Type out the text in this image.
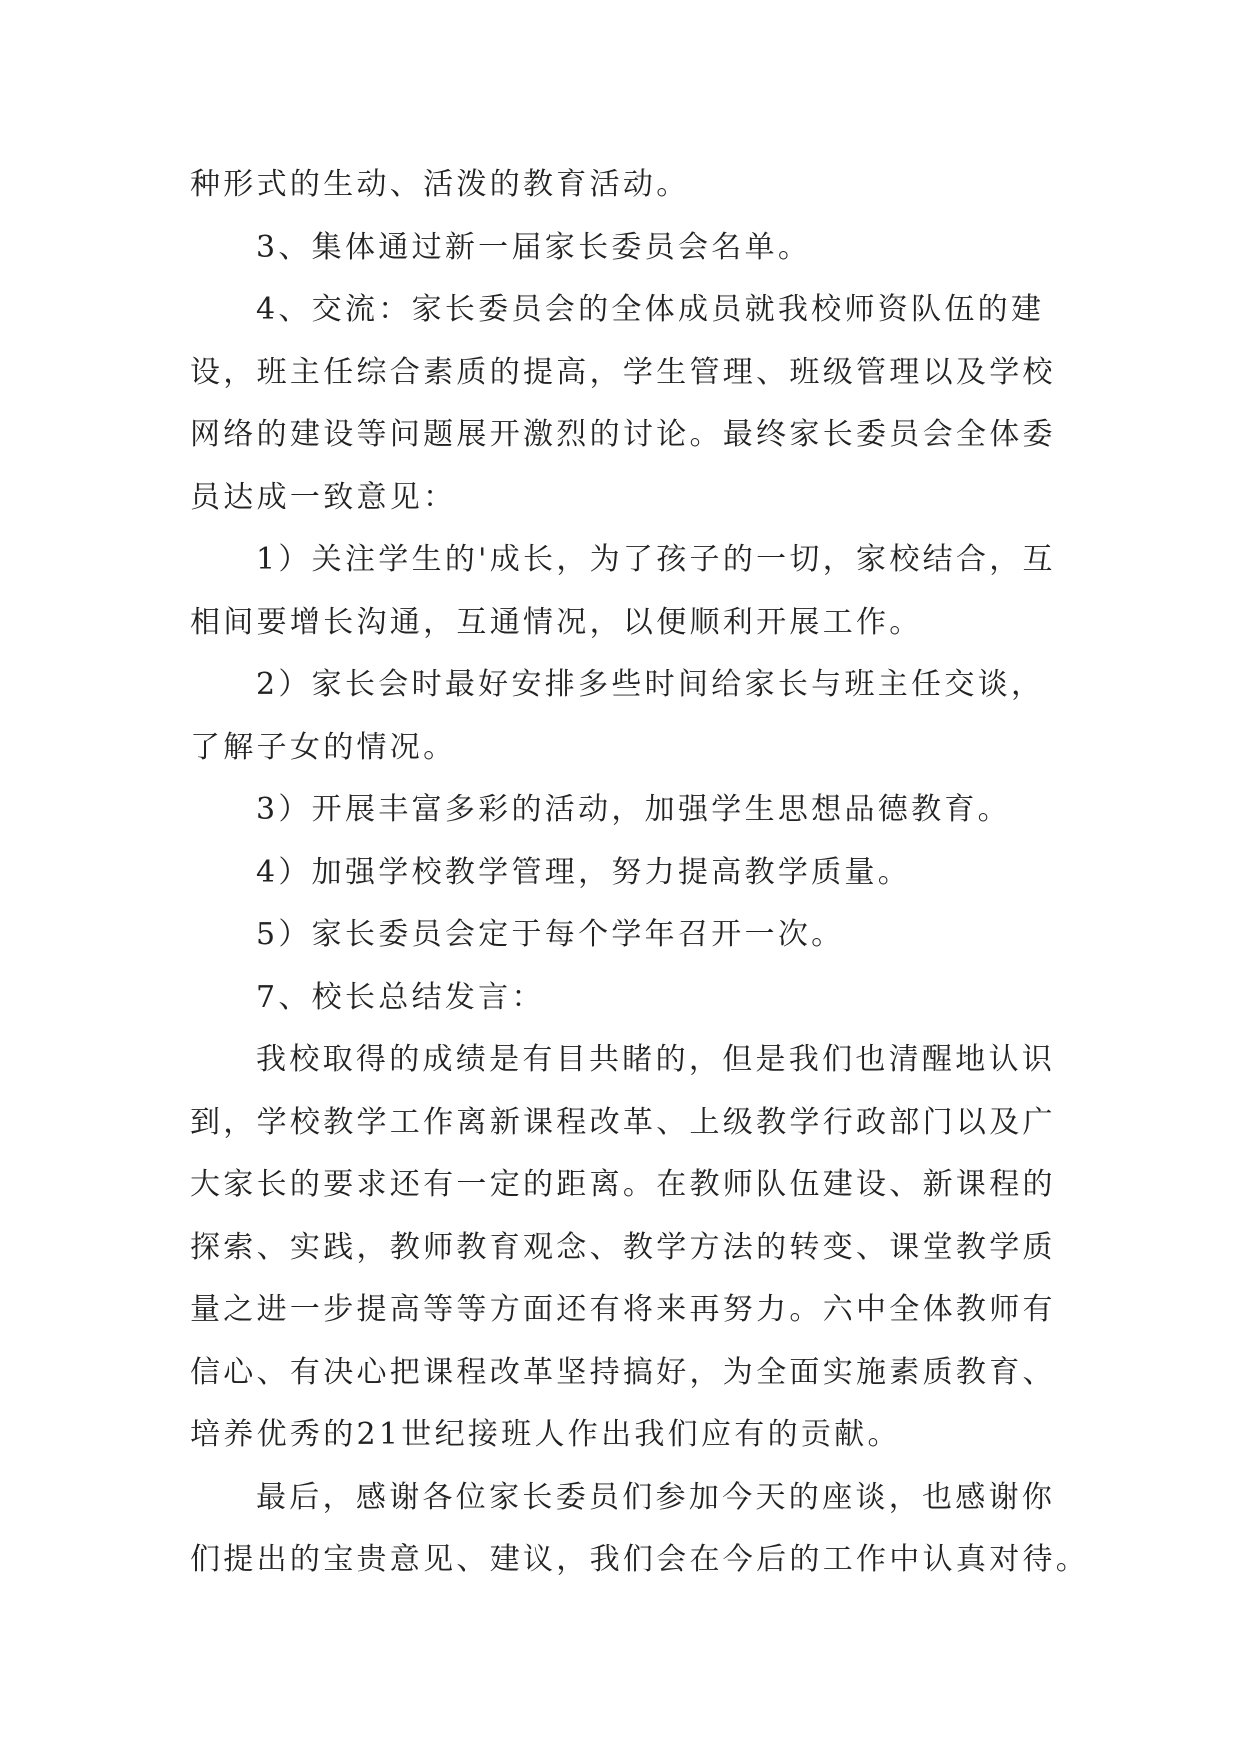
种形式的生动、活泼的教育活动。
3、集体通过新一届家长委员会名单。
4、交流：家长委员会的全体成员就我校师资队伍的建
设，班主任综合素质的提高，学生管理、班级管理以及学校
网络的建设等问题展开激烈的讨论。最终家长委员会全体委
员达成一致意见：
1）关注学生的'成长，为了孩子的一切，家校结合，互
相间要增长沟通，互通情况，以便顺利开展工作。
2）家长会时最好安排多些时间给家长与班主任交谈，
了解子女的情况。
3）开展丰富多彩的活动，加强学生思想品德教育。
4）加强学校教学管理，努力提高教学质量。
5）家长委员会定于每个学年召开一次。
7、校长总结发言：
我校取得的成绩是有目共睹的，但是我们也清醒地认识
到，学校教学工作离新课程改革、上级教学行政部门以及广
大家长的要求还有一定的距离。在教师队伍建设、新课程的
探索、实践，教师教育观念、教学方法的转变、课堂教学质
量之进一步提高等等方面还有将来再努力。六中全体教师有
信心、有决心把课程改革坚持搞好，为全面实施素质教育、
培养优秀的21世纪接班人作出我们应有的贡献。
最后，感谢各位家长委员们参加今天的座谈，也感谢你
们提出的宝贵意见、建议，我们会在今后的工作中认真对待。
